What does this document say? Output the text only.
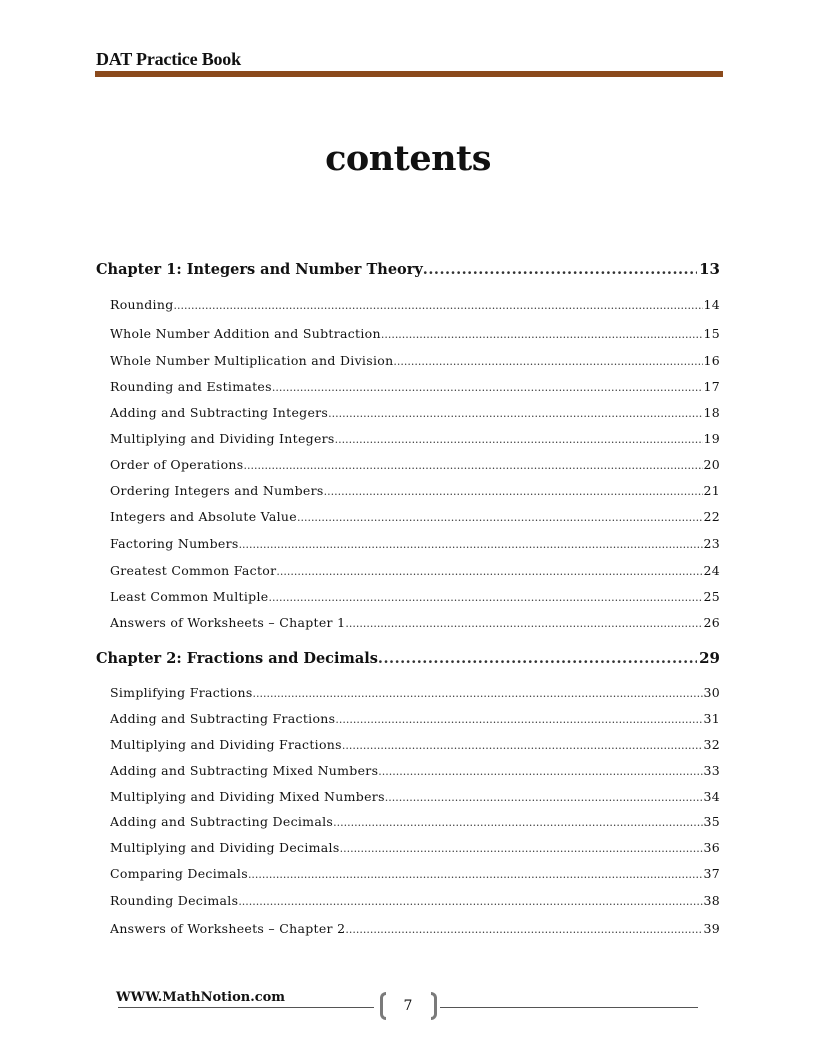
DAT Practice Book
contents
Chapter 1: Integers and Number Theory .....	13
Rounding .....	14
Whole Number Addition and Subtraction .....	15
Whole Number Multiplication and Division .....	16
Rounding and Estimates .....	17
Adding and Subtracting Integers .....	18
Multiplying and Dividing Integers .....	19
Order of Operations .....	20
Ordering Integers and Numbers .....	21
Integers and Absolute Value .....	22
Factoring Numbers .....	23
Greatest Common Factor .....	24
Least Common Multiple .....	25
Answers of Worksheets – Chapter 1 .....	26
Chapter 2: Fractions and Decimals .....	29
Simplifying Fractions .....	30
Adding and Subtracting Fractions .....	31
Multiplying and Dividing Fractions .....	32
Adding and Subtracting Mixed Numbers .....	33
Multiplying and Dividing Mixed Numbers .....	34
Adding and Subtracting Decimals .....	35
Multiplying and Dividing Decimals .....	36
Comparing Decimals .....	37
Rounding Decimals .....	38
Answers of Worksheets – Chapter 2 .....	39
WWW.MathNotion.com
7
